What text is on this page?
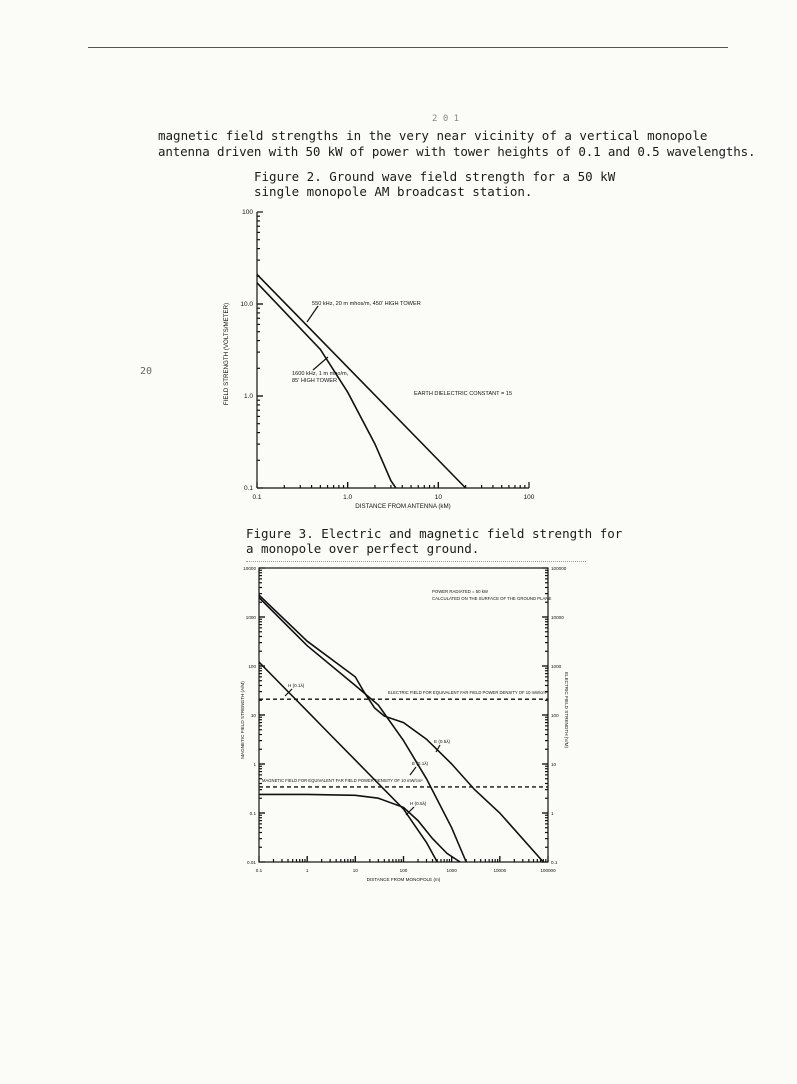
2 0 1
magnetic field strengths in the very near vicinity of a vertical monopole
antenna driven with 50 kW of power with tower heights of 0.1 and 0.5 wavelengths.
20
Figure 2. Ground wave field strength for a 50 kW
single monopole AM broadcast station.
0.1	1.0	10	100
0.1
1.0
10.0
100
DISTANCE FROM ANTENNA (kM)
FIELD STRENGTH (VOLTS/METER)	550 kHz, 20 m mhos/m, 450' HIGH TOWER
1600 kHz, 1 m mho/m,
85' HIGH TOWER
EARTH DIELECTRIC CONSTANT = 15
0.1	1	10	100	1000	10000	100000
0.01	0.1
0.1	1
1	10
10	100
100	1000
1000	10000
10000	100000
DISTANCE FROM MONOPOLE (m)
MAGNETIC FIELD STRENGTH (A/M)	ELECTRIC FIELD STRENGTH (V/M)
ELECTRIC FIELD FOR EQUIVALENT FAR FIELD POWER DENSITY OF 10 mW/cm²
MAGNETIC FIELD FOR EQUIVALENT FAR FIELD POWER DENSITY OF 10 mW/cm²
POWER RADIATED = 50 kW
CALCULATED ON THE SURFACE OF THE GROUND PLANE
H (0.1λ)
E (0.5λ)
E (0.1λ)
H (0.5λ)
Figure 3. Electric and magnetic field strength for
a monopole over perfect ground.
